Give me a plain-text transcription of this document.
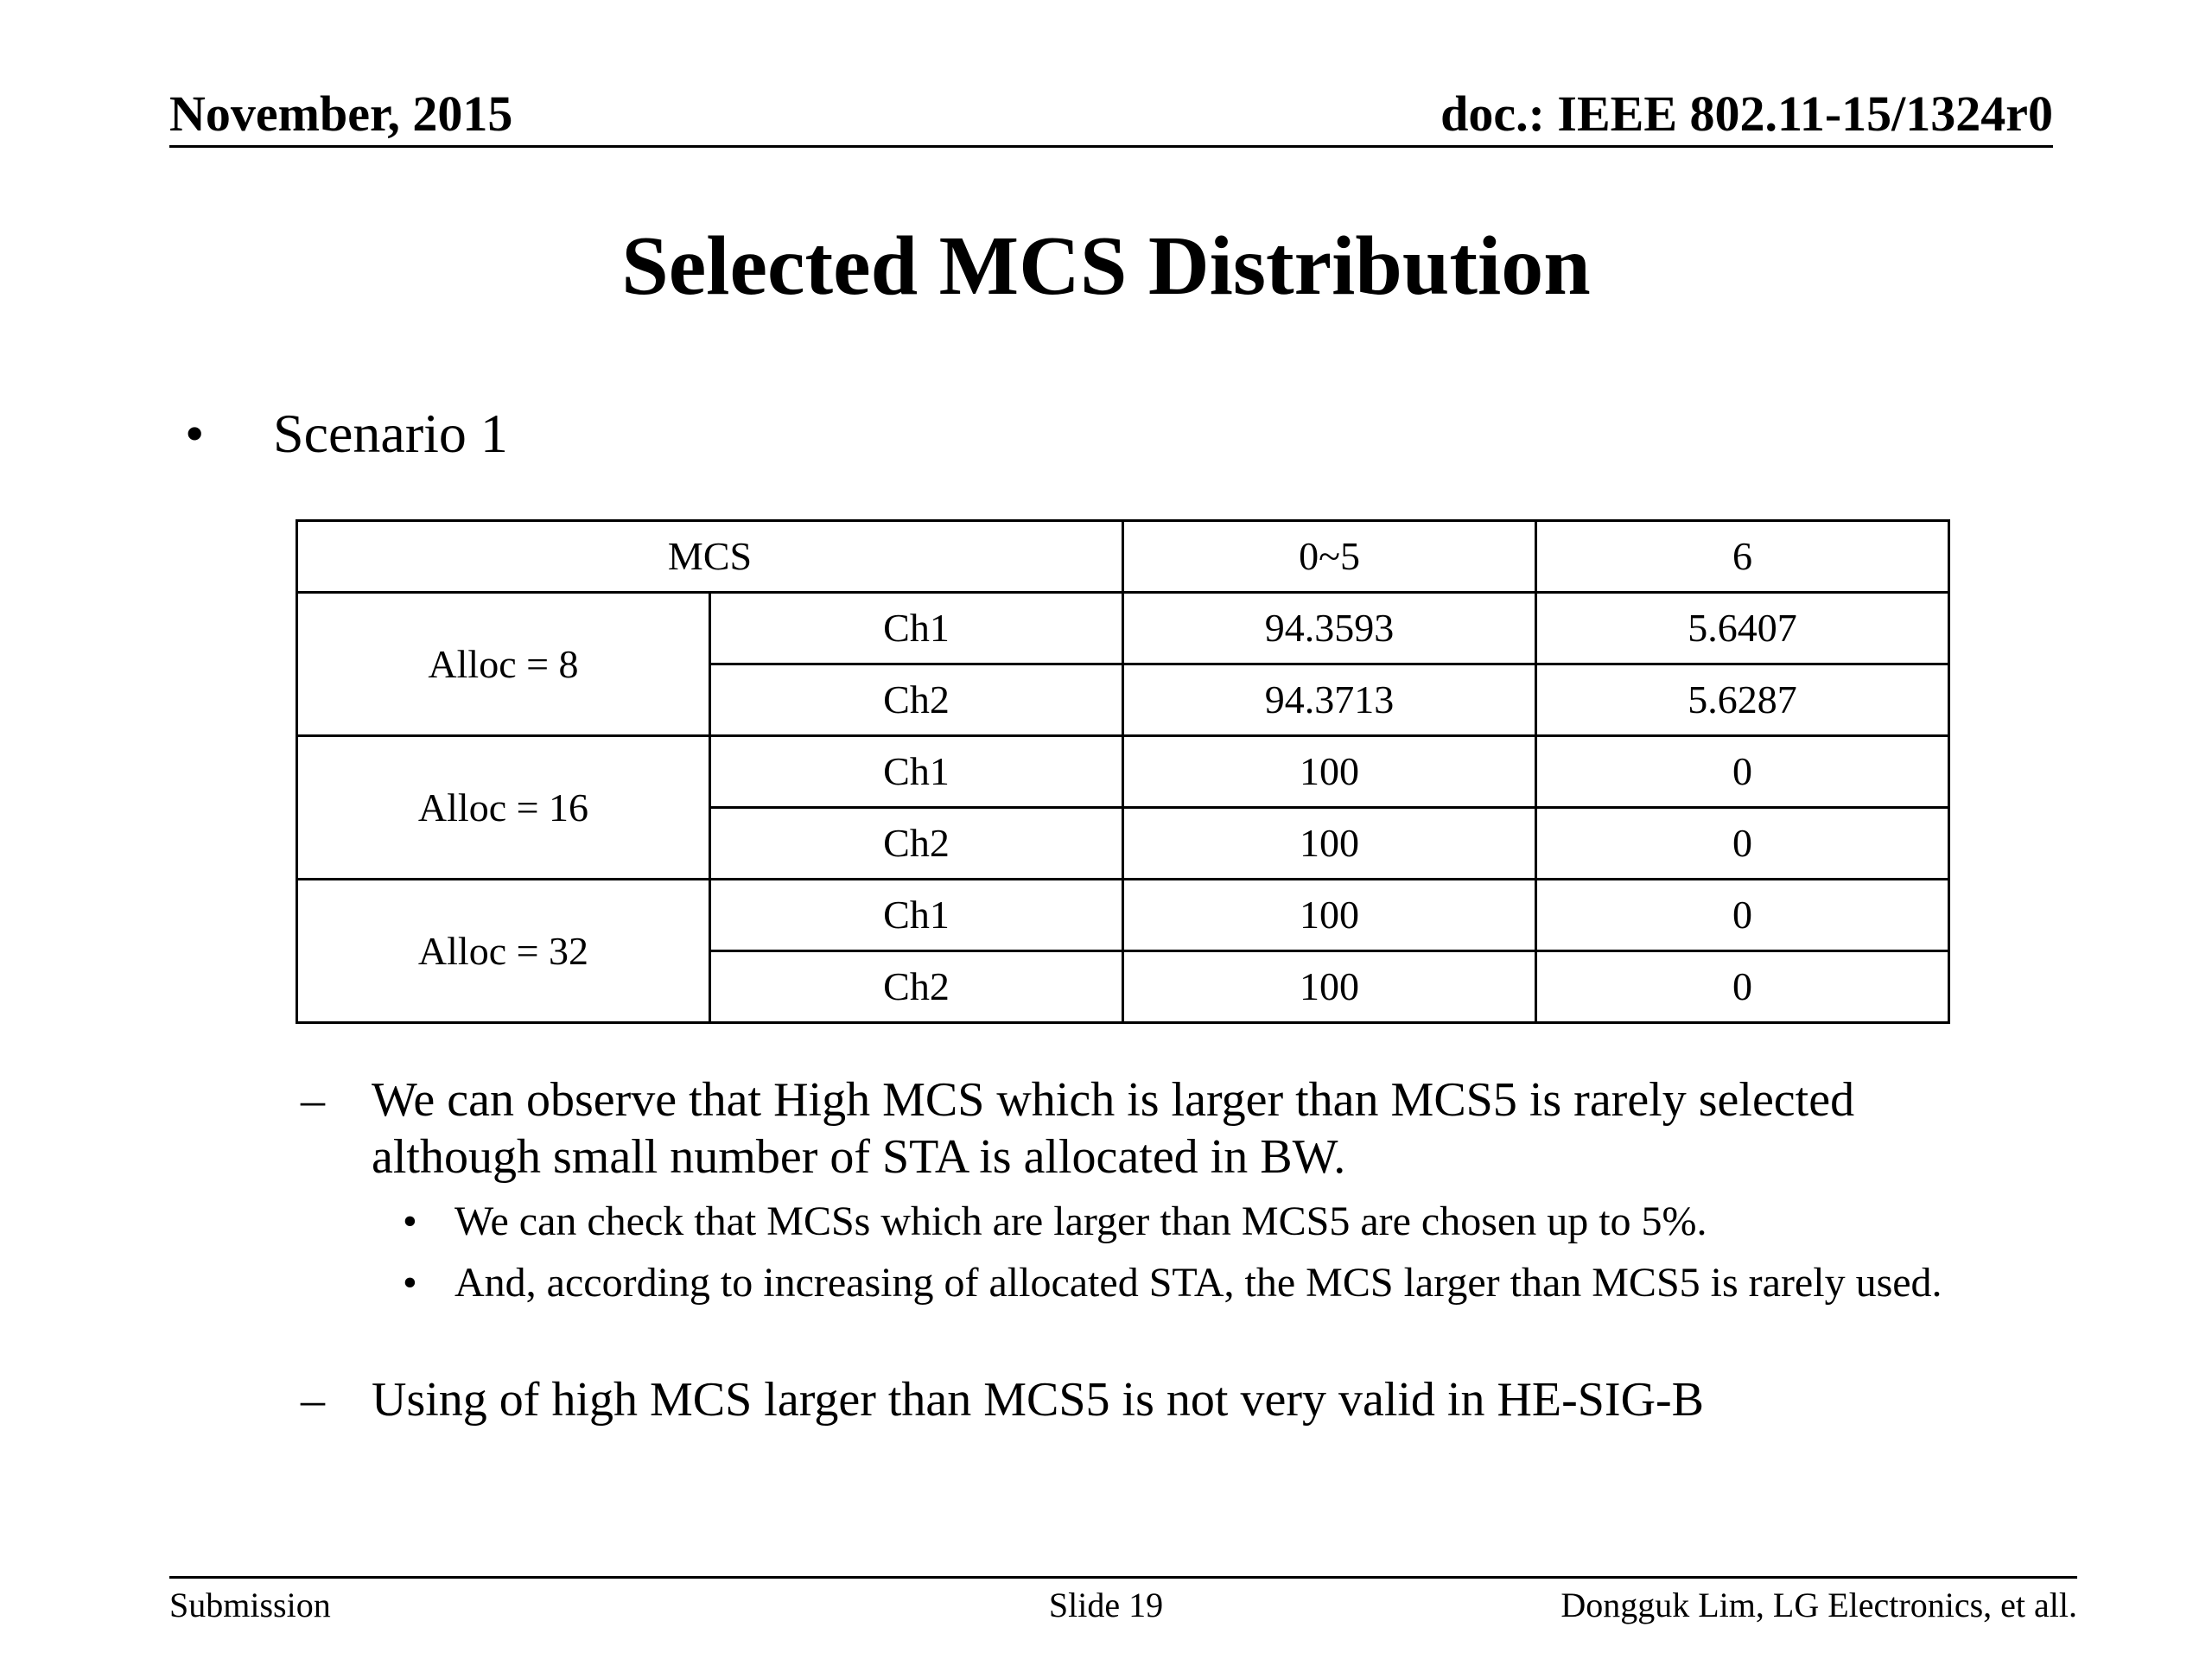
November, 2015	doc.: IEEE 802.11-15/1324r0
Selected MCS Distribution
• Scenario 1
MCS		0~5	6
Alloc = 8	Ch1	94.3593	5.6407
	Ch2	94.3713	5.6287
Alloc = 16	Ch1	100	0
	Ch2	100	0
Alloc = 32	Ch1	100	0
	Ch2	100	0
– We can observe that High MCS which is larger than MCS5 is rarely selected although small number of STA is allocated in BW.
• We can check that MCSs which are larger than MCS5 are chosen up to 5%.
• And, according to increasing of allocated STA, the MCS larger than MCS5 is rarely used.
– Using of high MCS larger than MCS5 is not very valid in HE-SIG-B
Submission	Slide 19	Dongguk Lim, LG Electronics, et all.
